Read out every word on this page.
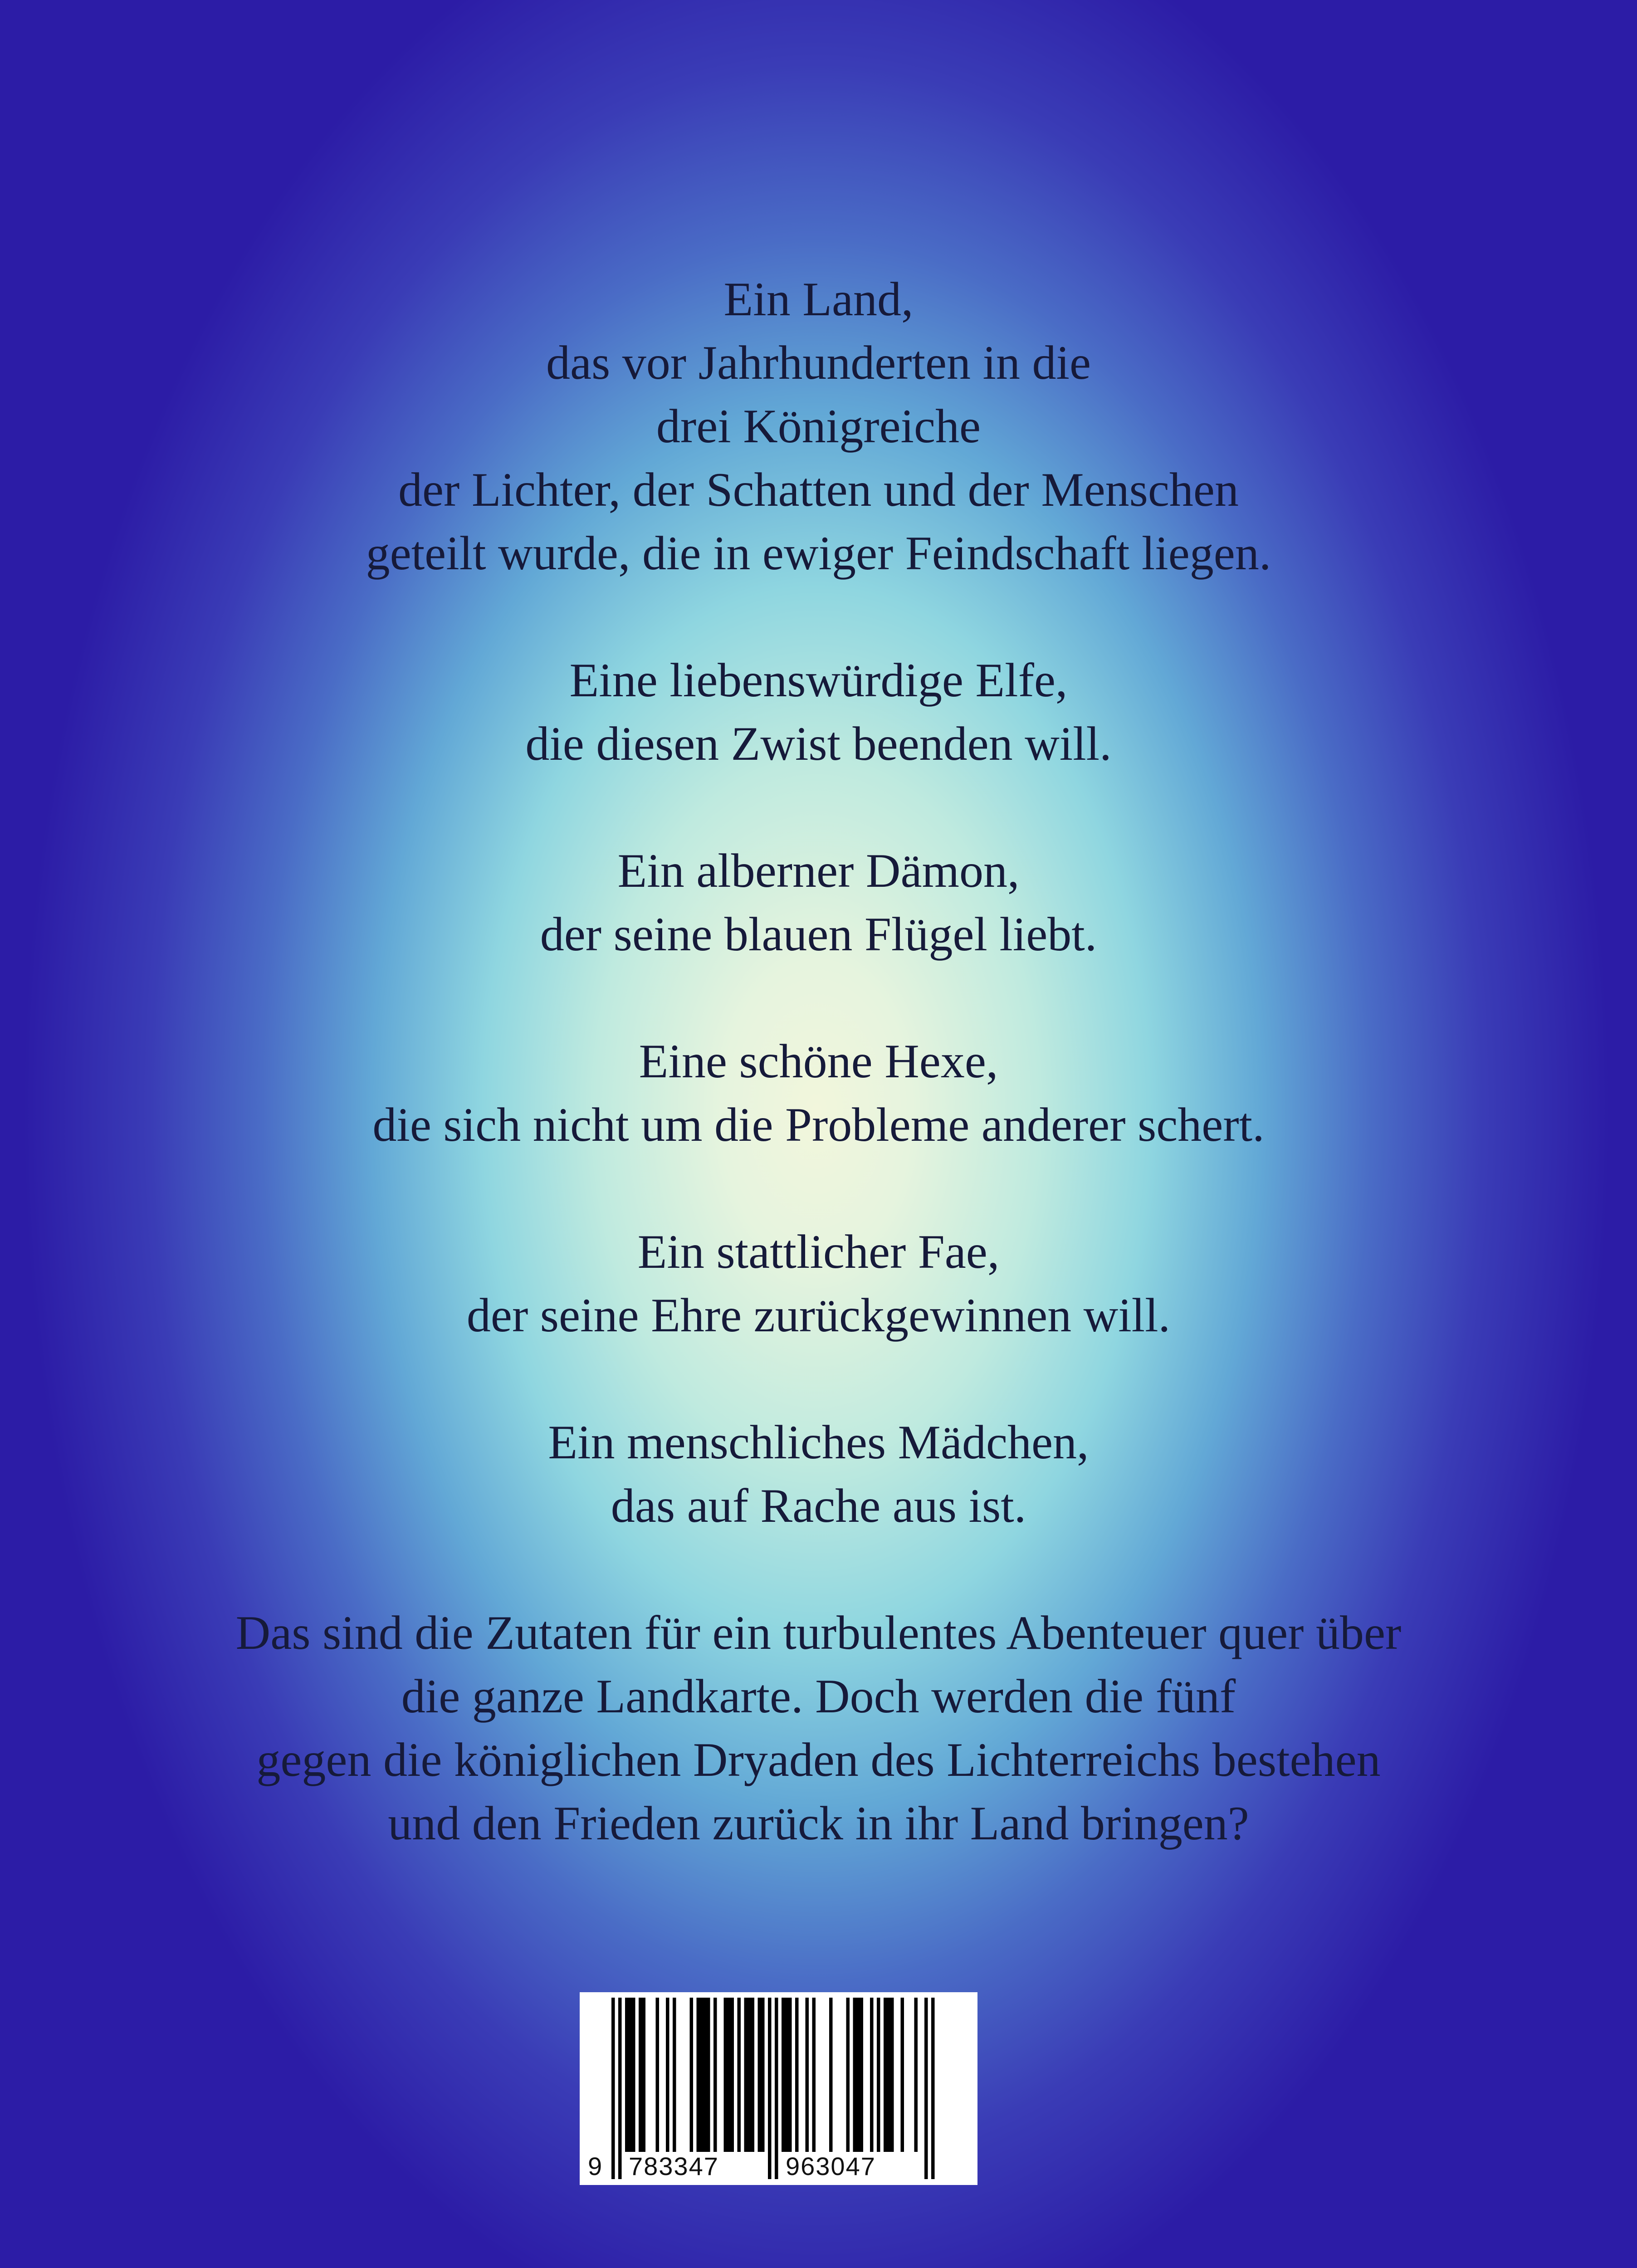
Ein Land,

das vor Jahrhunderten in die

drei Königreiche

der Lichter, der Schatten und der Menschen

geteilt wurde, die in ewiger Feindschaft liegen.

Eine liebenswürdige Elfe,

die diesen Zwist beenden will.

Ein alberner Dämon,

der seine blauen Flügel liebt.

Eine schöne Hexe,

die sich nicht um die Probleme anderer schert.

Ein stattlicher Fae,

der seine Ehre zurückgewinnen will.

Ein menschliches Mädchen,

das auf Rache aus ist.

Das sind die Zutaten für ein turbulentes Abenteuer quer über

die ganze Landkarte. Doch werden die fünf

gegen die königlichen Dryaden des Lichterreichs bestehen

und den Frieden zurück in ihr Land bringen?

9 783347	963047
